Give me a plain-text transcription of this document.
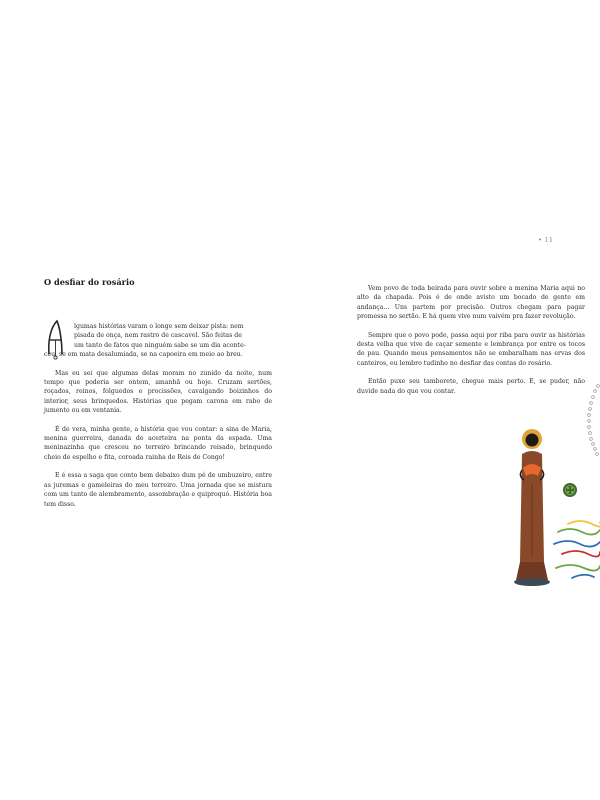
• 11
O desfiar do rosário

lgumas histórias varam o longe sem deixar pista: nem
pisada de onça, nem rastro de cascavel. São feitas de
um tanto de fatos que ninguém sabe se um dia aconte-
ceu, se em mata desalumiada, se na capoeira em meio ao breu.

Mas eu sei que algumas delas moram no zunido da noite, num tempo que poderia ser ontem, amanhã ou hoje. Cruzam sertões, roçados, reinos, folguedos e procissões, cavalgando boizinhos do interior, seus brinquedos. Histórias que pegam carona em rabo de jumento ou em ventania.

É de vera, minha gente, a história que vou contar: a sina de Maria, menina guerreira, danada de acerteira na ponta da espada. Uma meninazinha que cresceu no terreiro brincando reisado, brinquedo cheio de espelho e fita, coroada rainha de Reis de Congo!

E é essa a saga que conto bem debaixo dum pé de umbuzeiro, entre as juremas e gameleiras do meu terreiro. Uma jornada que se mistura com um tanto de alembramento, assombração e quiproquó. História boa tem disso.

Vem povo de toda beirada para ouvir sobre a menina Maria aqui no alto da chapada. Pois é de onde avisto um bocado de gente em andança... Uns partem por precisão. Outros chegam para pagar promessa no sertão. E há quem vive num vaivém pra fazer revolução.

Sempre que o povo pode, passa aqui por riba para ouvir as histórias desta velha que vive de caçar semente e lembrança por entre os tocos de pau. Quando meus pensamentos não se embaralham nas ervas dos canteiros, eu lembro tudinho no desfiar das contas do rosário.

Então puxe seu tamborete, chegue mais perto. E, se puder, não duvide nada do que vou contar.
